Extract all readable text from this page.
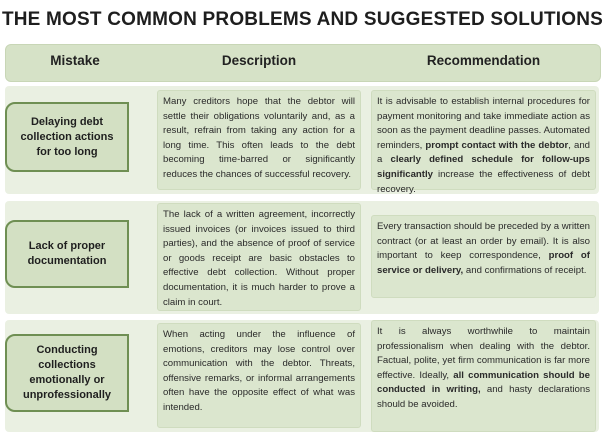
THE MOST COMMON PROBLEMS AND SUGGESTED SOLUTIONS
Mistake	Description	Recommendation
Delaying debt collection actions for too long
Many creditors hope that the debtor will settle their obligations voluntarily and, as a result, refrain from taking any action for a long time. This often leads to the debt becoming time-barred or significantly reduces the chances of successful recovery.
It is advisable to establish internal procedures for payment monitoring and take immediate action as soon as the payment deadline passes. Automated reminders, prompt contact with the debtor, and a clearly defined schedule for follow-ups significantly increase the effectiveness of debt recovery.
Lack of proper documentation
The lack of a written agreement, incorrectly issued invoices (or invoices issued to third parties), and the absence of proof of service or goods receipt are basic obstacles to effective debt collection. Without proper documentation, it is much harder to prove a claim in court.
Every transaction should be preceded by a written contract (or at least an order by email). It is also important to keep correspondence, proof of service or delivery, and confirmations of receipt.
Conducting collections emotionally or unprofessionally
When acting under the influence of emotions, creditors may lose control over communication with the debtor. Threats, offensive remarks, or informal arrangements often have the opposite effect of what was intended.
It is always worthwhile to maintain professionalism when dealing with the debtor. Factual, polite, yet firm communication is far more effective. Ideally, all communication should be conducted in writing, and hasty declarations should be avoided.
